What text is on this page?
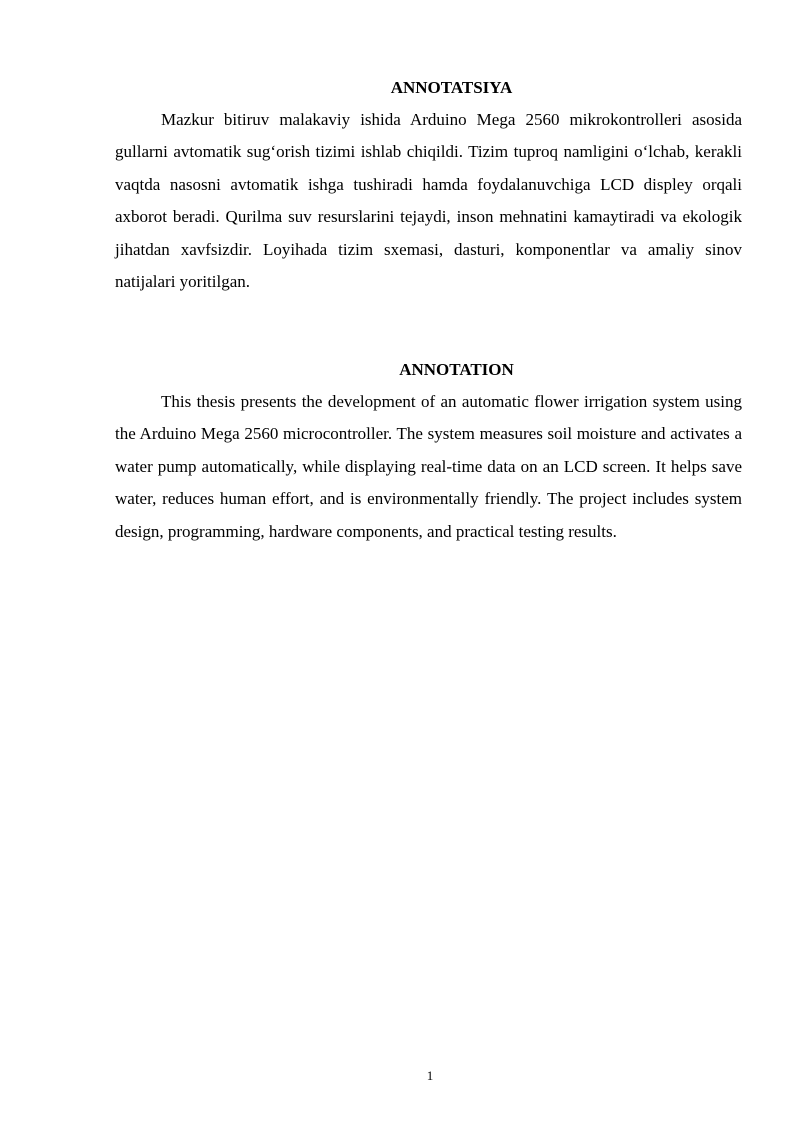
ANNOTATSIYA

Mazkur bitiruv malakaviy ishida Arduino Mega 2560 mikrokontrolleri asosida gullarni avtomatik sug‘orish tizimi ishlab chiqildi. Tizim tuproq namligini o‘lchab, kerakli vaqtda nasosni avtomatik ishga tushiradi hamda foydalanuvchiga LCD displey orqali axborot beradi. Qurilma suv resurslarini tejaydi, inson mehnatini kamaytiradi va ekologik jihatdan xavfsizdir. Loyihada tizim sxemasi, dasturi, komponentlar va amaliy sinov natijalari yoritilgan.

ANNOTATION

This thesis presents the development of an automatic flower irrigation system using the Arduino Mega 2560 microcontroller. The system measures soil moisture and activates a water pump automatically, while displaying real-time data on an LCD screen. It helps save water, reduces human effort, and is environmentally friendly. The project includes system design, programming, hardware components, and practical testing results.

1
